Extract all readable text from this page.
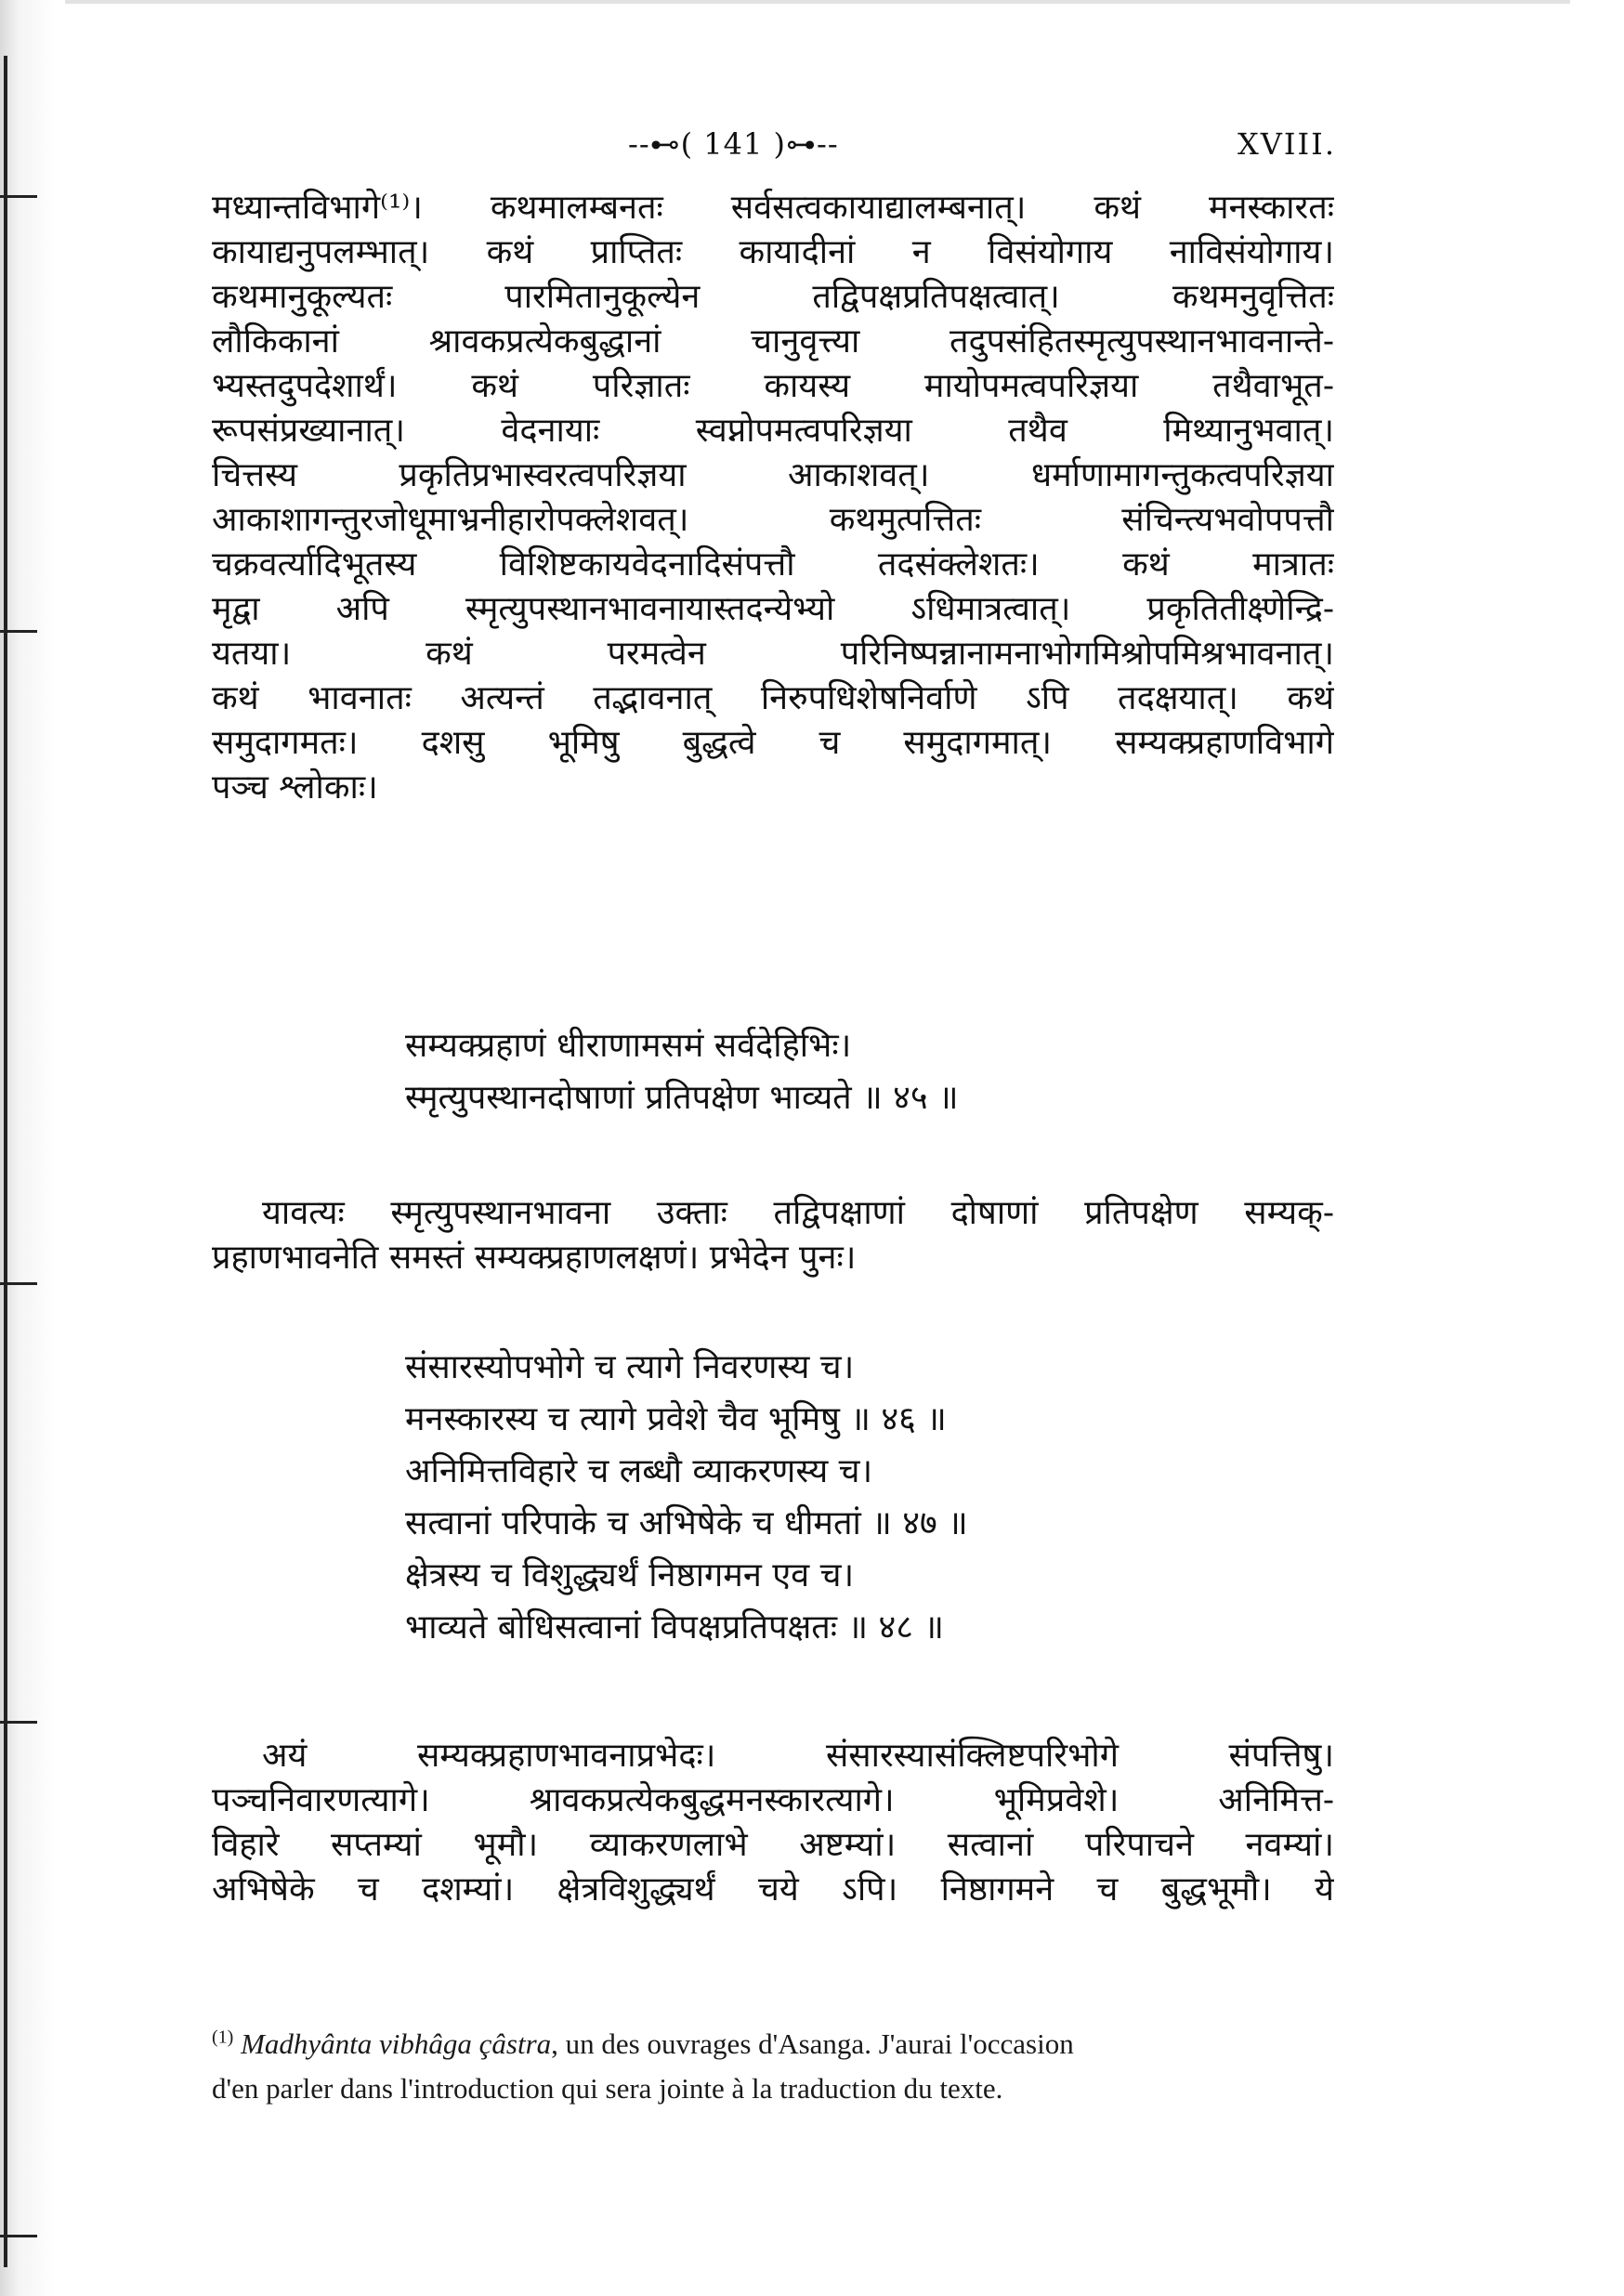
--⊷( 141 )⊶--	XVIII.
मध्यान्तविभागे⁽¹⁾। कथमालम्बनतः सर्वसत्वकायाद्यालम्बनात्। कथं मनस्कारतः
कायाद्यनुपलम्भात्। कथं प्राप्तितः कायादीनां न विसंयोगाय नाविसंयोगाय।
कथमानुकूल्यतः पारमितानुकूल्येन तद्विपक्षप्रतिपक्षत्वात्। कथमनुवृत्तितः
लौकिकानां श्रावकप्रत्येकबुद्धानां चानुवृत्त्या तदुपसंहितस्मृत्युपस्थानभावनान्ते-
भ्यस्तदुपदेशार्थं। कथं परिज्ञातः कायस्य मायोपमत्वपरिज्ञया तथैवाभूत-
रूपसंप्रख्यानात्। वेदनायाः स्वप्नोपमत्वपरिज्ञया तथैव मिथ्यानुभवात्।
चित्तस्य प्रकृतिप्रभास्वरत्वपरिज्ञया आकाशवत्। धर्माणामागन्तुकत्वपरिज्ञया
आकाशागन्तुरजोधूमाभ्रनीहारोपक्लेशवत्। कथमुत्पत्तितः संचिन्त्यभवोपपत्तौ
चक्रवर्त्यादिभूतस्य विशिष्टकायवेदनादिसंपत्तौ तदसंक्लेशतः। कथं मात्रातः
मृद्वा अपि स्मृत्युपस्थानभावनायास्तदन्येभ्यो ऽधिमात्रत्वात्। प्रकृतितीक्ष्णेन्द्रि-
यतया। कथं परमत्वेन परिनिष्पन्नानामनाभोगमिश्रोपमिश्रभावनात्।
कथं भावनातः अत्यन्तं तद्भावनात् निरुपधिशेषनिर्वाणे ऽपि तदक्षयात्। कथं
समुदागमतः। दशसु भूमिषु बुद्धत्वे च समुदागमात्। सम्यक्प्रहाणविभागे
पञ्च श्लोकाः।
सम्यक्प्रहाणं धीराणामसमं सर्वदेहिभिः।
स्मृत्युपस्थानदोषाणां प्रतिपक्षेण भाव्यते ॥ ४५ ॥
यावत्यः स्मृत्युपस्थानभावना उक्ताः तद्विपक्षाणां दोषाणां प्रतिपक्षेण सम्यक्-
प्रहाणभावनेति समस्तं सम्यक्प्रहाणलक्षणं। प्रभेदेन पुनः।
संसारस्योपभोगे च त्यागे निवरणस्य च।
मनस्कारस्य च त्यागे प्रवेशे चैव भूमिषु ॥ ४६ ॥
अनिमित्तविहारे च लब्धौ व्याकरणस्य च।
सत्वानां परिपाके च अभिषेके च धीमतां ॥ ४७ ॥
क्षेत्रस्य च विशुद्ध्यर्थं निष्ठागमन एव च।
भाव्यते बोधिसत्वानां विपक्षप्रतिपक्षतः ॥ ४८ ॥
अयं सम्यक्प्रहाणभावनाप्रभेदः। संसारस्यासंक्लिष्टपरिभोगे संपत्तिषु।
पञ्चनिवारणत्यागे। श्रावकप्रत्येकबुद्धमनस्कारत्यागे। भूमिप्रवेशे। अनिमित्त-
विहारे सप्तम्यां भूमौ। व्याकरणलाभे अष्टम्यां। सत्वानां परिपाचने नवम्यां।
अभिषेके च दशम्यां। क्षेत्रविशुद्ध्यर्थं चये ऽपि। निष्ठागमने च बुद्धभूमौ। ये
$^{(1)}$ Madhyânta vibhâga çâstra, un des ouvrages d'Asanga. J'aurai l'occasion
d'en parler dans l'introduction qui sera jointe à la traduction du texte.
